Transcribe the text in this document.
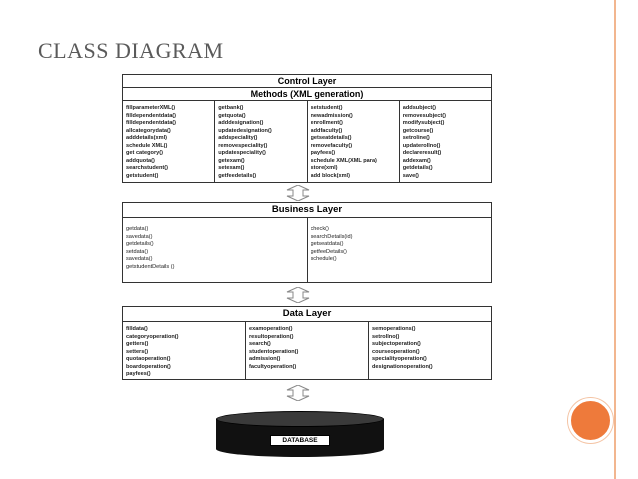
CLASS DIAGRAM
Control Layer
Methods (XML generation)
fillparameterXML()
filldependentdata()
filldependentdata()
allcategorydata()
adddetails(xml)
schedule XML()
get category()
addquota()
searchstudent()
getstudent()
getbank()
getquota()
adddesignation()
updatedesignation()
addspeciality()
removespeciality()
updatespeciality()
getexam()
setexam()
getfeedetails()
setstudent()
newadmission()
enrollment()
addfaculty()
getseatdetails()
removefaculty()
payfees()
schedule XML(XML para)
store(xml)
add block(xml)
addsubject()
removesubject()
modifysubject()
getcourse()
setroline()
updaterollno()
declareresult()
addexam()
getdetails()
save()
Business Layer
getdata()
savedata()
getdetails()
setdata()
savedata()
getstudentDetails ()
check()
searchDetails(id)
getseatdata()
getfeeDetails()
schedule()
Data Layer
filldata()
categoryoperation()
getters()
setters()
quotaoperation()
boardoperation()
payfees()
examoperation()
resultoperation()
search()
studentoperation()
admission()
facultyoperation()
semoperations()
setrollno()
subjectoperation()
courseoperation()
specialityoperation()
designationoperation()
DATABASE
